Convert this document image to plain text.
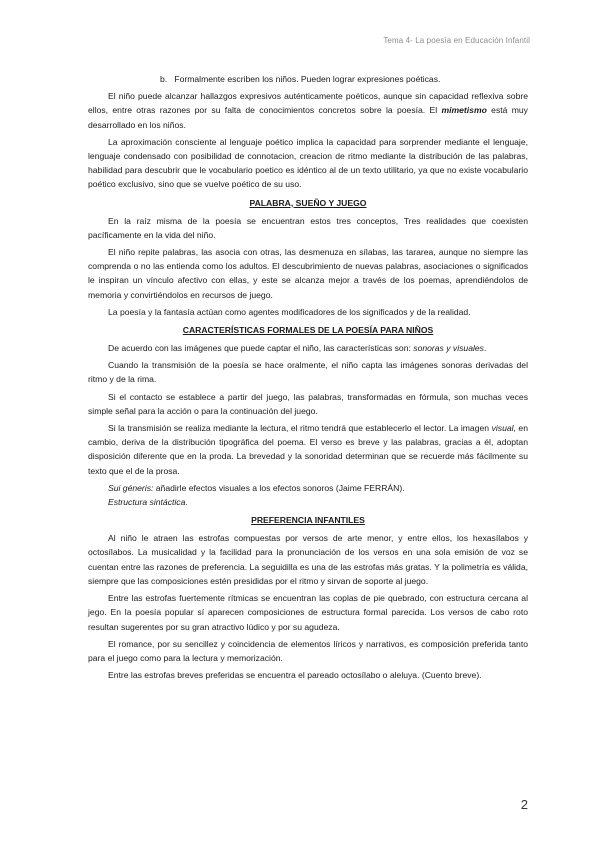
Tema 4- La poesía en Educación Infantil

b.   Formalmente escriben los niños. Pueden lograr expresiones poéticas.

El niño puede alcanzar hallazgos expresivos auténticamente poéticos, aunque sin capacidad reflexiva sobre ellos, entre otras razones por su falta de conocimientos concretos sobre la poesía. El mimetismo está muy desarrollado en los niños.

La aproximación consciente al lenguaje poético implica la capacidad para sorprender mediante el lenguaje, lenguaje condensado con posibilidad de connotacion, creacion de ritmo mediante la distribución de las palabras, habilidad para descubrir que le vocabulario poetico es idéntico al de un texto utilitario, ya que no existe vocabulario poético exclusivo, sino que se vuelve poético de su uso.

PALABRA, SUEÑO Y JUEGO

En la raíz misma de la poesía se encuentran estos tres conceptos, Tres realidades que coexisten pacíficamente en la vida del niño.

El niño repite palabras, las asocia con otras, las desmenuza en sílabas, las tararea, aunque no siempre las comprenda o no las entienda como los adultos. El descubrimiento de nuevas palabras, asociaciones o significados le inspiran un vínculo afectivo con ellas, y este se alcanza mejor a través de los poemas, aprendiéndolos de memoria y convirtiéndolos en recursos de juego.

La poesía y la fantasía actúan como agentes modificadores de los significados y de la realidad.

CARACTERÍSTICAS FORMALES DE LA POESÍA PARA NIÑOS

De acuerdo con las imágenes que puede captar el niño, las características son: sonoras y visuales.

Cuando la transmisión de la poesía se hace oralmente, el niño capta las imágenes sonoras derivadas del ritmo y de la rima.

Si el contacto se establece a partir del juego, las palabras, transformadas en fórmula, son muchas veces simple señal para la acción o para la continuación del juego.

Si la transmisión se realiza mediante la lectura, el ritmo tendrá que establecerlo el lector. La imagen visual, en cambio, deriva de la distribución tipográfica del poema. El verso es breve y las palabras, gracias a él, adoptan disposición diferente que en la proda. La brevedad y la sonoridad determinan que se recuerde más fácilmente su texto que el de la prosa.

Sui géneris: añadirle efectos visuales a los efectos sonoros (Jaime FERRÁN).

Estructura sintáctica.

PREFERENCIA INFANTILES

Al niño le atraen las estrofas compuestas por versos de arte menor, y entre ellos, los hexasílabos y octosílabos. La musicalidad y la facilidad para la pronunciación de los versos en una sola emisión de voz se cuentan entre las razones de preferencia. La seguidilla es una de las estrofas más gratas. Y la polimetría es válida, siempre que las composiciones estén presididas por el ritmo y sirvan de soporte al juego.

Entre las estrofas fuertemente rítmicas se encuentran las coplas de pie quebrado, con estructura cercana al jego. En la poesía popular sí aparecen composiciones de estructura formal parecida. Los versos de cabo roto resultan sugerentes por su gran atractivo lúdico y por su agudeza.

El romance, por su sencillez y coincidencia de elementos líricos y narrativos, es composición preferida tanto para el juego como para la lectura y memorización.

Entre las estrofas breves preferidas se encuentra el pareado octosílabo o aleluya. (Cuento breve).

2
